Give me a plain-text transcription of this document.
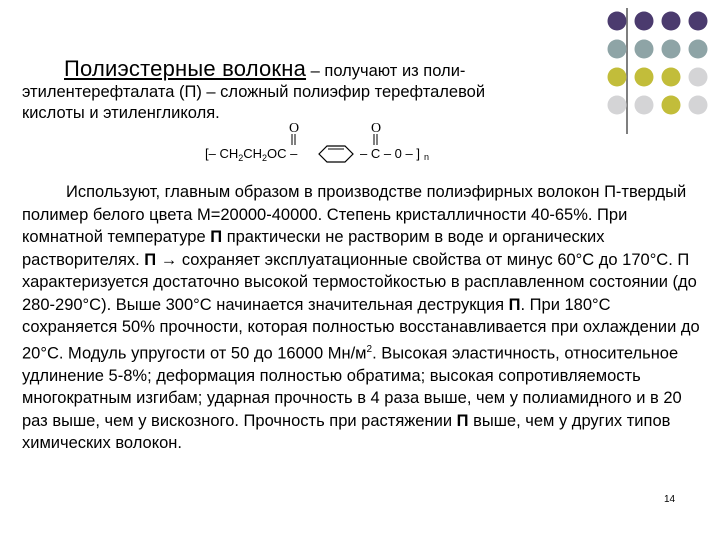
Полиэстерные волокна – получают из поли-
этилентерефталата (П) – сложный полиэфир терефталевой
кислоты и этиленгликоля.
O	O
[– $CH_2CH_2OC$ –	– C – 0 – ] n

Используют, главным образом в производстве полиэфирных волокон П-твердый полимер белого цвета М=20000-40000. Степень кристалличности 40-65%. При комнатной температуре П практически не растворим в воде и органических растворителях. П → сохраняет эксплуатационные свойства от минус 60°С до 170°С. П характеризуется достаточно высокой термостойкостью в расплавленном состоянии (до 280-290°С). Выше 300°С начинается значительная деструкция П. При 180°С сохраняется 50% прочности, которая полностью восстанавливается при охлаждении до 20°С. Модуль упругости от 50 до 16000 $Мн/м^2$. Высокая эластичность, относительное удлинение 5-8%; деформация полностью обратима; высокая сопротивляемость многократным изгибам; ударная прочность в 4 раза выше, чем у полиамидного и в 20 раз выше, чем у вискозного. Прочность при растяжении П выше, чем у других типов химических волокон.

14
